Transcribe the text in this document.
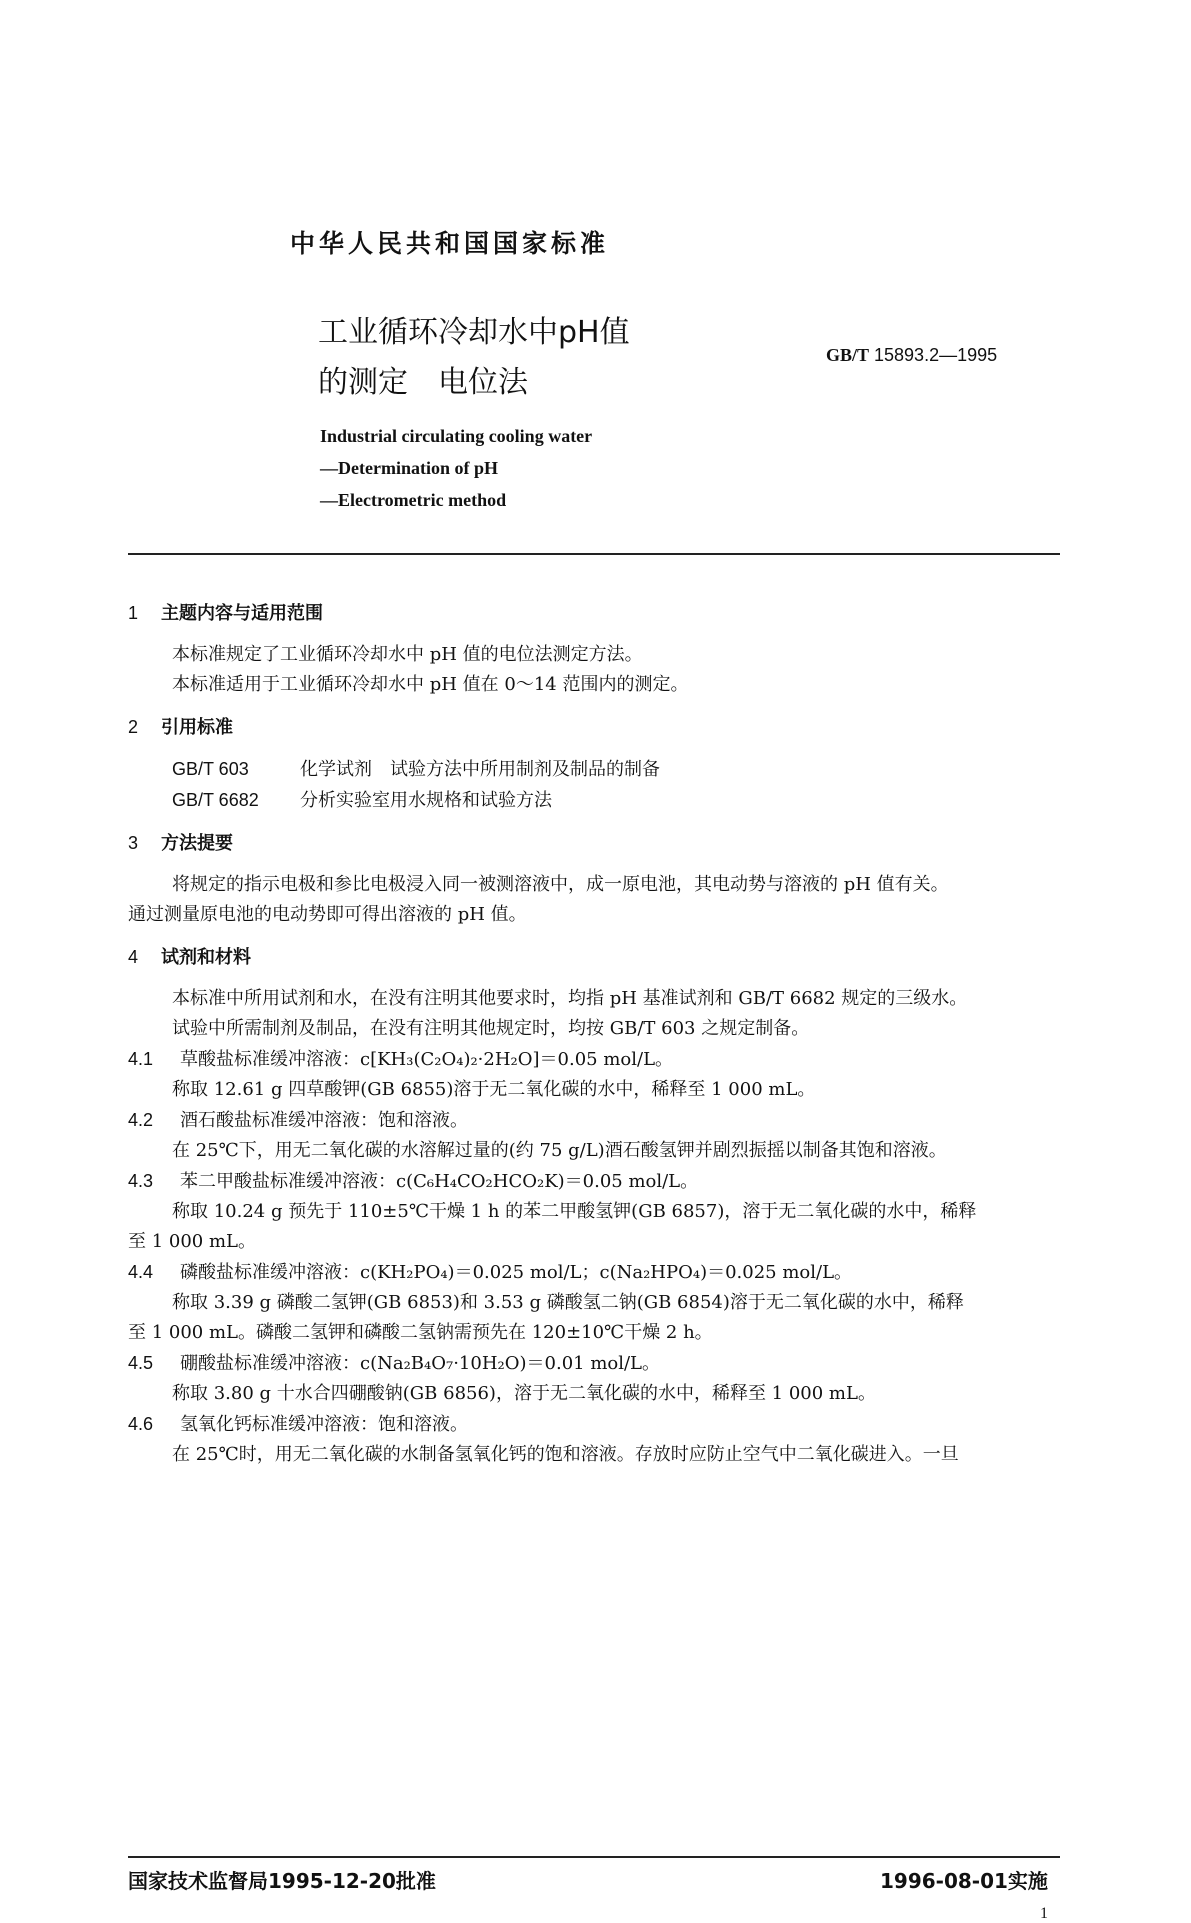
中华人民共和国国家标准
工业循环冷却水中pH值
的测定　电位法
GB/T 15893.2—1995
Industrial circulating cooling water
—Determination of pH
—Electrometric method
1 主题内容与适用范围

本标准规定了工业循环冷却水中 pH 值的电位法测定方法。

本标准适用于工业循环冷却水中 pH 值在 0～14 范围内的测定。

2 引用标准

GB/T 603	化学试剂　试验方法中所用制剂及制品的制备

GB/T 6682 分析实验室用水规格和试验方法

3 方法提要

将规定的指示电极和参比电极浸入同一被测溶液中，成一原电池，其电动势与溶液的 pH 值有关。

通过测量原电池的电动势即可得出溶液的 pH 值。

4 试剂和材料

本标准中所用试剂和水，在没有注明其他要求时，均指 pH 基准试剂和 GB/T 6682 规定的三级水。

试验中所需制剂及制品，在没有注明其他规定时，均按 GB/T 603 之规定制备。

4.1 草酸盐标准缓冲溶液：c[KH₃(C₂O₄)₂·2H₂O]＝0.05 mol/L。

称取 12.61 g 四草酸钾(GB 6855)溶于无二氧化碳的水中，稀释至 1 000 mL。

4.2 酒石酸盐标准缓冲溶液：饱和溶液。

在 25℃下，用无二氧化碳的水溶解过量的(约 75 g/L)酒石酸氢钾并剧烈振摇以制备其饱和溶液。

4.3 苯二甲酸盐标准缓冲溶液：c(C₆H₄CO₂HCO₂K)＝0.05 mol/L。

称取 10.24 g 预先于 110±5℃干燥 1 h 的苯二甲酸氢钾(GB 6857)，溶于无二氧化碳的水中，稀释

至 1 000 mL。

4.4 磷酸盐标准缓冲溶液：c(KH₂PO₄)＝0.025 mol/L；c(Na₂HPO₄)＝0.025 mol/L。

称取 3.39 g 磷酸二氢钾(GB 6853)和 3.53 g 磷酸氢二钠(GB 6854)溶于无二氧化碳的水中，稀释

至 1 000 mL。磷酸二氢钾和磷酸二氢钠需预先在 120±10℃干燥 2 h。

4.5 硼酸盐标准缓冲溶液：c(Na₂B₄O₇·10H₂O)＝0.01 mol/L。

称取 3.80 g 十水合四硼酸钠(GB 6856)，溶于无二氧化碳的水中，稀释至 1 000 mL。

4.6 氢氧化钙标准缓冲溶液：饱和溶液。

在 25℃时，用无二氧化碳的水制备氢氧化钙的饱和溶液。存放时应防止空气中二氧化碳进入。一旦

国家技术监督局1995-12-20批准	1996-08-01实施
1
